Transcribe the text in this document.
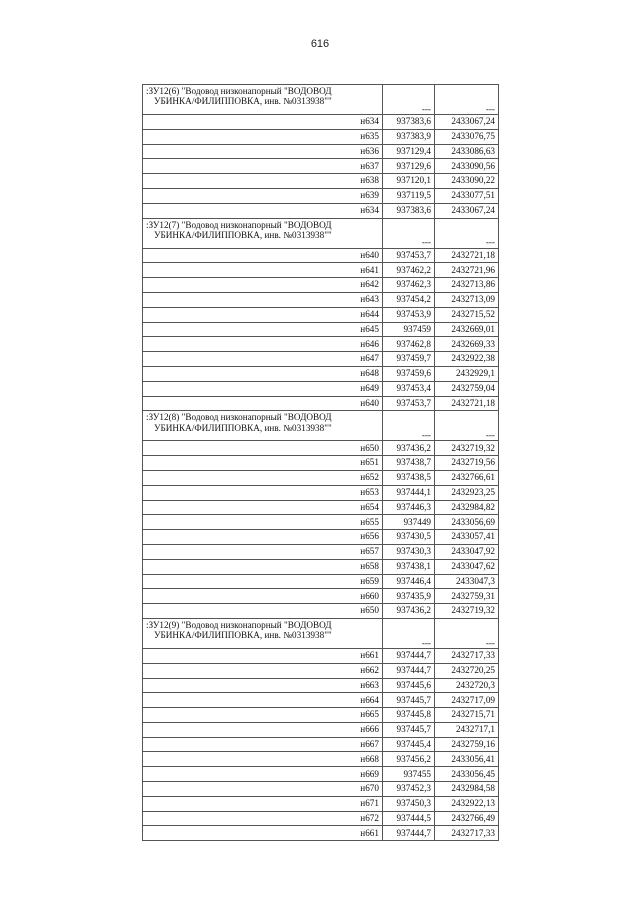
616
:ЗУ12(6) "Водовод низконапорный "ВОДОВОД
УБИНКА/ФИЛИППОВКА, инв. №0313938""	---	---
н634	937383,6	2433067,24
н635	937383,9	2433076,75
н636	937129,4	2433086,63
н637	937129,6	2433090,56
н638	937120,1	2433090,22
н639	937119,5	2433077,51
н634	937383,6	2433067,24
:ЗУ12(7) "Водовод низконапорный "ВОДОВОД
УБИНКА/ФИЛИППОВКА, инв. №0313938""	---	---
н640	937453,7	2432721,18
н641	937462,2	2432721,96
н642	937462,3	2432713,86
н643	937454,2	2432713,09
н644	937453,9	2432715,52
н645	937459	2432669,01
н646	937462,8	2432669,33
н647	937459,7	2432922,38
н648	937459,6	2432929,1
н649	937453,4	2432759,04
н640	937453,7	2432721,18
:ЗУ12(8) "Водовод низконапорный "ВОДОВОД
УБИНКА/ФИЛИППОВКА, инв. №0313938""	---	---
н650	937436,2	2432719,32
н651	937438,7	2432719,56
н652	937438,5	2432766,61
н653	937444,1	2432923,25
н654	937446,3	2432984,82
н655	937449	2433056,69
н656	937430,5	2433057,41
н657	937430,3	2433047,92
н658	937438,1	2433047,62
н659	937446,4	2433047,3
н660	937435,9	2432759,31
н650	937436,2	2432719,32
:ЗУ12(9) "Водовод низконапорный "ВОДОВОД
УБИНКА/ФИЛИППОВКА, инв. №0313938""	---	---
н661	937444,7	2432717,33
н662	937444,7	2432720,25
н663	937445,6	2432720,3
н664	937445,7	2432717,09
н665	937445,8	2432715,71
н666	937445,7	2432717,1
н667	937445,4	2432759,16
н668	937456,2	2433056,41
н669	937455	2433056,45
н670	937452,3	2432984,58
н671	937450,3	2432922,13
н672	937444,5	2432766,49
н661	937444,7	2432717,33
